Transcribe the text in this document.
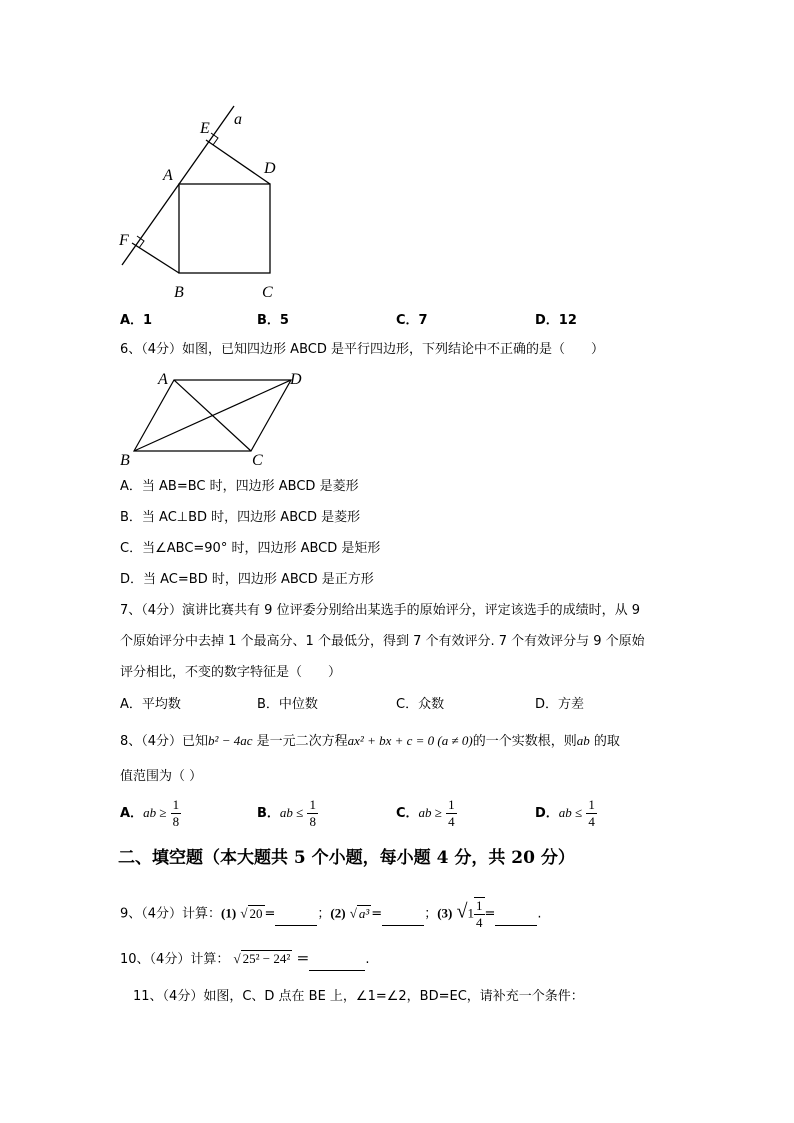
E
a
A	D
F
B	C
A．1	B．5	C．7	D．12
6、（4分）如图，已知四边形 ABCD 是平行四边形，下列结论中不正确的是（　　）
A	D
B	C
A．当 AB=BC 时，四边形 ABCD 是菱形
B．当 AC⊥BD 时，四边形 ABCD 是菱形
C．当∠ABC=90° 时，四边形 ABCD 是矩形
D．当 AC=BD 时，四边形 ABCD 是正方形
7、（4分）演讲比赛共有 9 位评委分别给出某选手的原始评分，评定该选手的成绩时，从 9
个原始评分中去掉 1 个最高分、1 个最低分，得到 7 个有效评分. 7 个有效评分与 9 个原始
评分相比，不变的数字特征是（　　）
A．平均数	B．中位数	C．众数	D．方差
8、（4分）已知b² − 4ac 是一元二次方程ax² + bx + c = 0 (a ≠ 0)的一个实数根，则ab 的取
值范围为（ ）
A．ab ≥ $\frac{1}{8}$	B．ab ≤ $\frac{1}{8}$	C．ab ≥ $\frac{1}{4}$	D．ab ≤ $\frac{1}{4}$
二、填空题（本大题共 5 个小题，每小题 4 分，共 20 分）
9、（4分）计算：(1) √ 20 =	；(2) √ a³ =	；(3) $√1 \frac{1}{4}$ =	.
10、（4分）计算： √ 25² − 24² ＝	.
11、（4分）如图，C、D 点在 BE 上，∠1=∠2，BD=EC，请补充一个条件：
